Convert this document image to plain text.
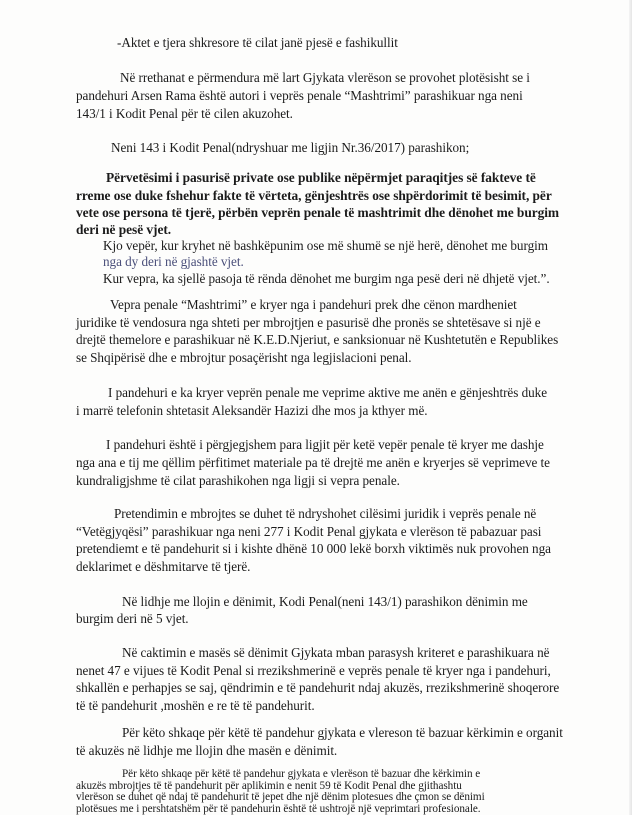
-Aktet e tjera shkresore të cilat janë pjesë e fashikullit
Në rrethanat e përmendura më lart Gjykata vlerëson se provohet plotësisht se i
pandehuri Arsen Rama është autori i veprës penale “Mashtrimi” parashikuar nga neni
143/1 i Kodit Penal për të cilen akuzohet.
Neni 143 i Kodit Penal(ndryshuar me ligjin Nr.36/2017) parashikon;
Përvetësimi i pasurisë private ose publike nëpërmjet paraqitjes së fakteve të
rreme ose duke fshehur fakte të vërteta, gënjeshtrës ose shpërdorimit të besimit, për
vete ose persona të tjerë, përbën veprën penale të mashtrimit dhe dënohet me burgim
deri në pesë vjet.
Kjo vepër, kur kryhet në bashkëpunim ose më shumë se një herë, dënohet me burgim
nga dy deri në gjashtë vjet.
Kur vepra, ka sjellë pasoja të rënda dënohet me burgim nga pesë deri në dhjetë vjet.”.
Vepra penale “Mashtrimi” e kryer nga i pandehuri prek dhe cënon mardheniet
juridike të vendosura nga shteti per mbrojtjen e pasurisë dhe pronës se shtetësave si një e
drejtë themelore e parashikuar në K.E.D.Njeriut, e sanksionuar në Kushtetutën e Republikes
se Shqipërisë dhe e mbrojtur posaçërisht nga legjislacioni penal.
I pandehuri e ka kryer veprën penale me veprime aktive me anën e gënjeshtrës duke
i marrë telefonin shtetasit Aleksandër Hazizi dhe mos ja kthyer më.
I pandehuri është i përgjegjshem para ligjit për ketë vepër penale të kryer me dashje
nga ana e tij me qëllim përfitimet materiale pa të drejtë me anën e kryerjes së veprimeve te
kundraligjshme të cilat parashikohen nga ligji si vepra penale.
Pretendimin e mbrojtes se duhet të ndryshohet cilësimi juridik i veprës penale në
“Vetëgjyqësi” parashikuar nga neni 277 i Kodit Penal gjykata e vlerëson të pabazuar pasi
pretendiemt e të pandehurit si i kishte dhënë 10 000 lekë borxh viktimës nuk provohen nga
deklarimet e dëshmitarve të tjerë.
Në lidhje me llojin e dënimit, Kodi Penal(neni 143/1) parashikon dënimin me
burgim deri në 5 vjet.
Në caktimin e masës së dënimit Gjykata mban parasysh kriteret e parashikuara në
nenet 47 e vijues të Kodit Penal si rrezikshmerinë e veprës penale të kryer nga i pandehuri,
shkallën e perhapjes se saj, qëndrimin e të pandehurit ndaj akuzës, rrezikshmerinë shoqerore
të të pandehurit ,moshën e re të të pandehurit.
Për këto shkaqe për këtë të pandehur gjykata e vlereson të bazuar kërkimin e organit
të akuzës në lidhje me llojin dhe masën e dënimit.
Për këto shkaqe për këtë të pandehur gjykata e vlerëson të bazuar dhe kërkimin e
akuzës mbrojtjes të të pandehurit për aplikimin e nenit 59 të Kodit Penal dhe gjithashtu
vlerëson se duhet që ndaj të pandehurit të jepet dhe një dënim plotesues dhe çmon se dënimi
plotësues me i pershtatshëm për të pandehurin është të ushtrojë një veprimtari profesionale.
